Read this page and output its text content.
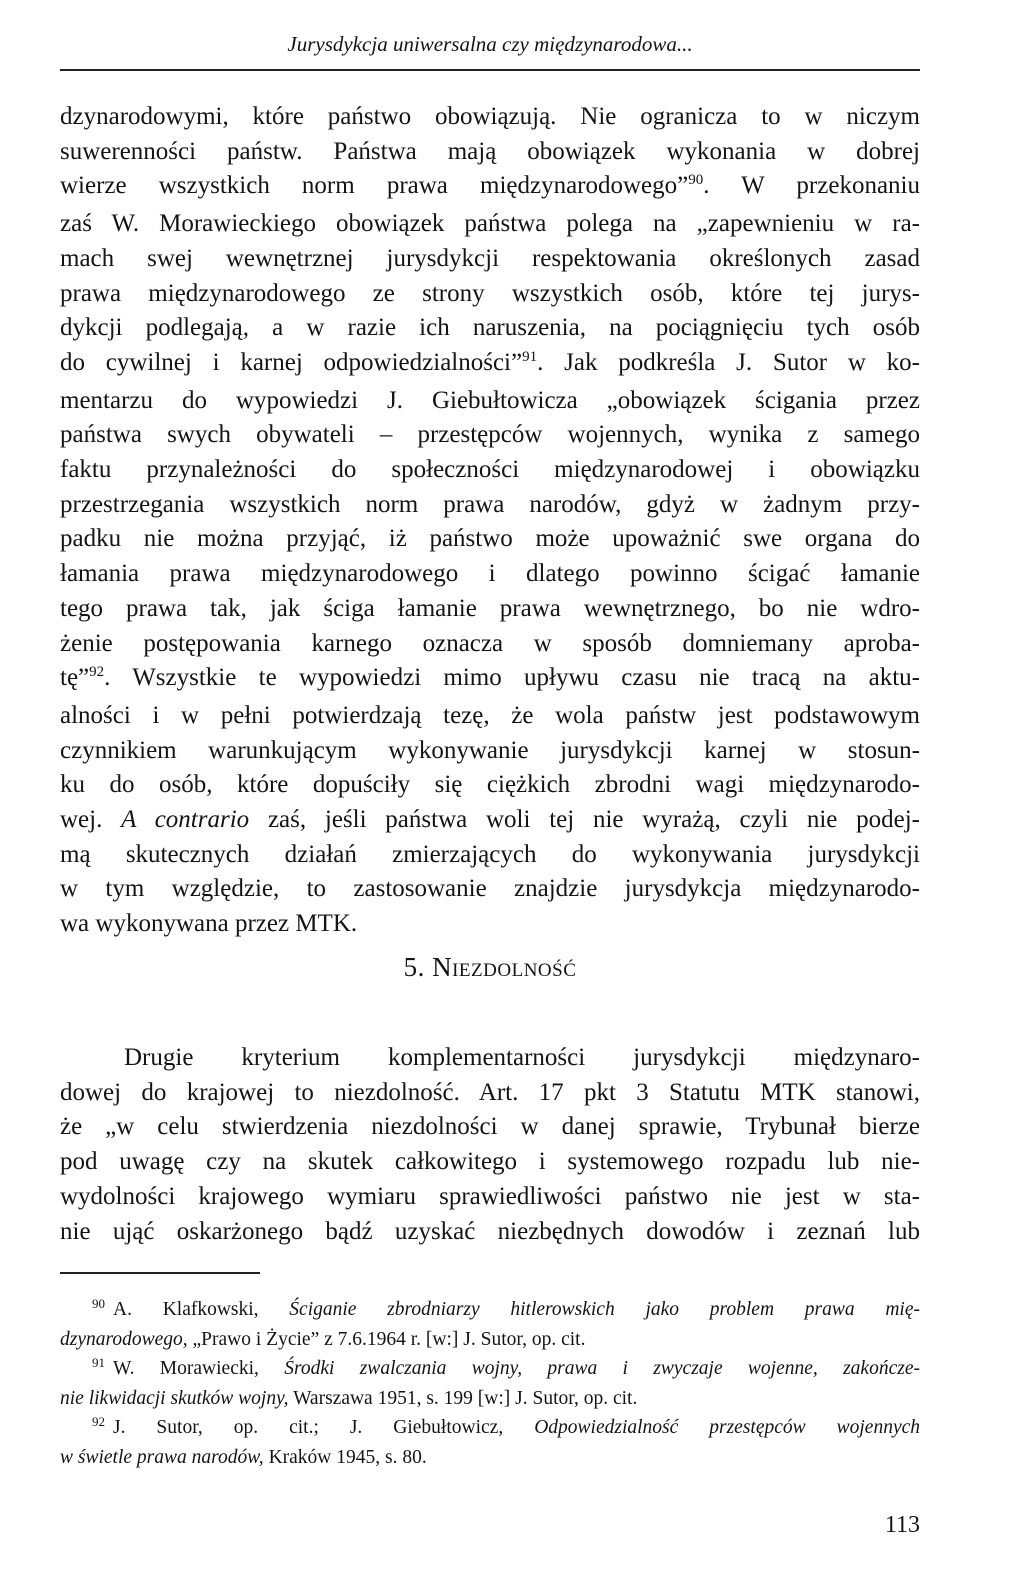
Jurysdykcja uniwersalna czy międzynarodowa...
dzynarodowymi, które państwo obowiązują. Nie ogranicza to w niczym
suwerenności państw. Państwa mają obowiązek wykonania w dobrej
wierze wszystkich norm prawa międzynarodowego”$^{90}$. W przekonaniu
zaś W. Morawieckiego obowiązek państwa polega na „zapewnieniu w ra-
mach swej wewnętrznej jurysdykcji respektowania określonych zasad
prawa międzynarodowego ze strony wszystkich osób, które tej jurys-
dykcji podlegają, a w razie ich naruszenia, na pociągnięciu tych osób
do cywilnej i karnej odpowiedzialności”$^{91}$. Jak podkreśla J. Sutor w ko-
mentarzu do wypowiedzi J. Giebułtowicza „obowiązek ścigania przez
państwa swych obywateli – przestępców wojennych, wynika z samego
faktu przynależności do społeczności międzynarodowej i obowiązku
przestrzegania wszystkich norm prawa narodów, gdyż w żadnym przy-
padku nie można przyjąć, iż państwo może upoważnić swe organa do
łamania prawa międzynarodowego i dlatego powinno ścigać łamanie
tego prawa tak, jak ściga łamanie prawa wewnętrznego, bo nie wdro-
żenie postępowania karnego oznacza w sposób domniemany aproba-
tę”$^{92}$. Wszystkie te wypowiedzi mimo upływu czasu nie tracą na aktu-
alności i w pełni potwierdzają tezę, że wola państw jest podstawowym
czynnikiem warunkującym wykonywanie jurysdykcji karnej w stosun-
ku do osób, które dopuściły się ciężkich zbrodni wagi międzynarodo-
wej. A contrario zaś, jeśli państwa woli tej nie wyrażą, czyli nie podej-
mą skutecznych działań zmierzających do wykonywania jurysdykcji
w tym względzie, to zastosowanie znajdzie jurysdykcja międzynarodo-
wa wykonywana przez MTK.
5. Niezdolność
Drugie kryterium komplementarności jurysdykcji międzynaro-
dowej do krajowej to niezdolność. Art. 17 pkt 3 Statutu MTK stanowi,
że „w celu stwierdzenia niezdolności w danej sprawie, Trybunał bierze
pod uwagę czy na skutek całkowitego i systemowego rozpadu lub nie-
wydolności krajowego wymiaru sprawiedliwości państwo nie jest w sta-
nie ująć oskarżonego bądź uzyskać niezbędnych dowodów i zeznań lub
$^{90}$ A. Klafkowski, Ściganie zbrodniarzy hitlerowskich jako problem prawa mię-
dzynarodowego, „Prawo i Życie” z 7.6.1964 r. [w:] J. Sutor, op. cit.
$^{91}$ W. Morawiecki, Środki zwalczania wojny, prawa i zwyczaje wojenne, zakończe-
nie likwidacji skutków wojny, Warszawa 1951, s. 199 [w:] J. Sutor, op. cit.
$^{92}$ J. Sutor, op. cit.; J. Giebułtowicz, Odpowiedzialność przestępców wojennych
w świetle prawa narodów, Kraków 1945, s. 80.
113
